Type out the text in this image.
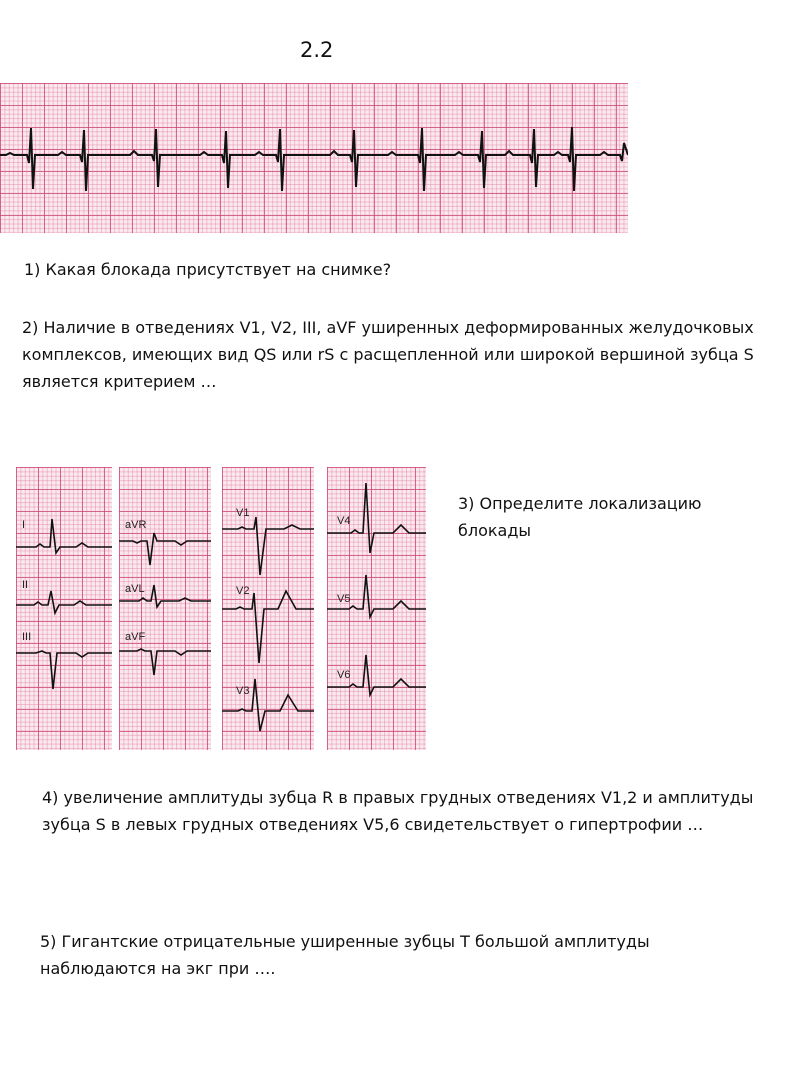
2.2

1) Какая блокада присутствует на снимке?

2) Наличие в отведениях V1, V2, III, aVF уширенных деформированных желудочковых комплексов, имеющих вид QS или rS с расщепленной или широкой вершиной зубца S является критерием …

I
II
III
aVR
aVL
aVF
V1
V2
V3
V4
V5
V6

3) Определите локализацию блокады

4) увеличение амплитуды зубца R в правых грудных отведениях V1,2 и амплитуды зубца S в левых грудных отведениях V5,6 свидетельствует о гипертрофии …

5) Гигантские отрицательные уширенные зубцы Т большой амплитуды наблюдаются на экг при ….
